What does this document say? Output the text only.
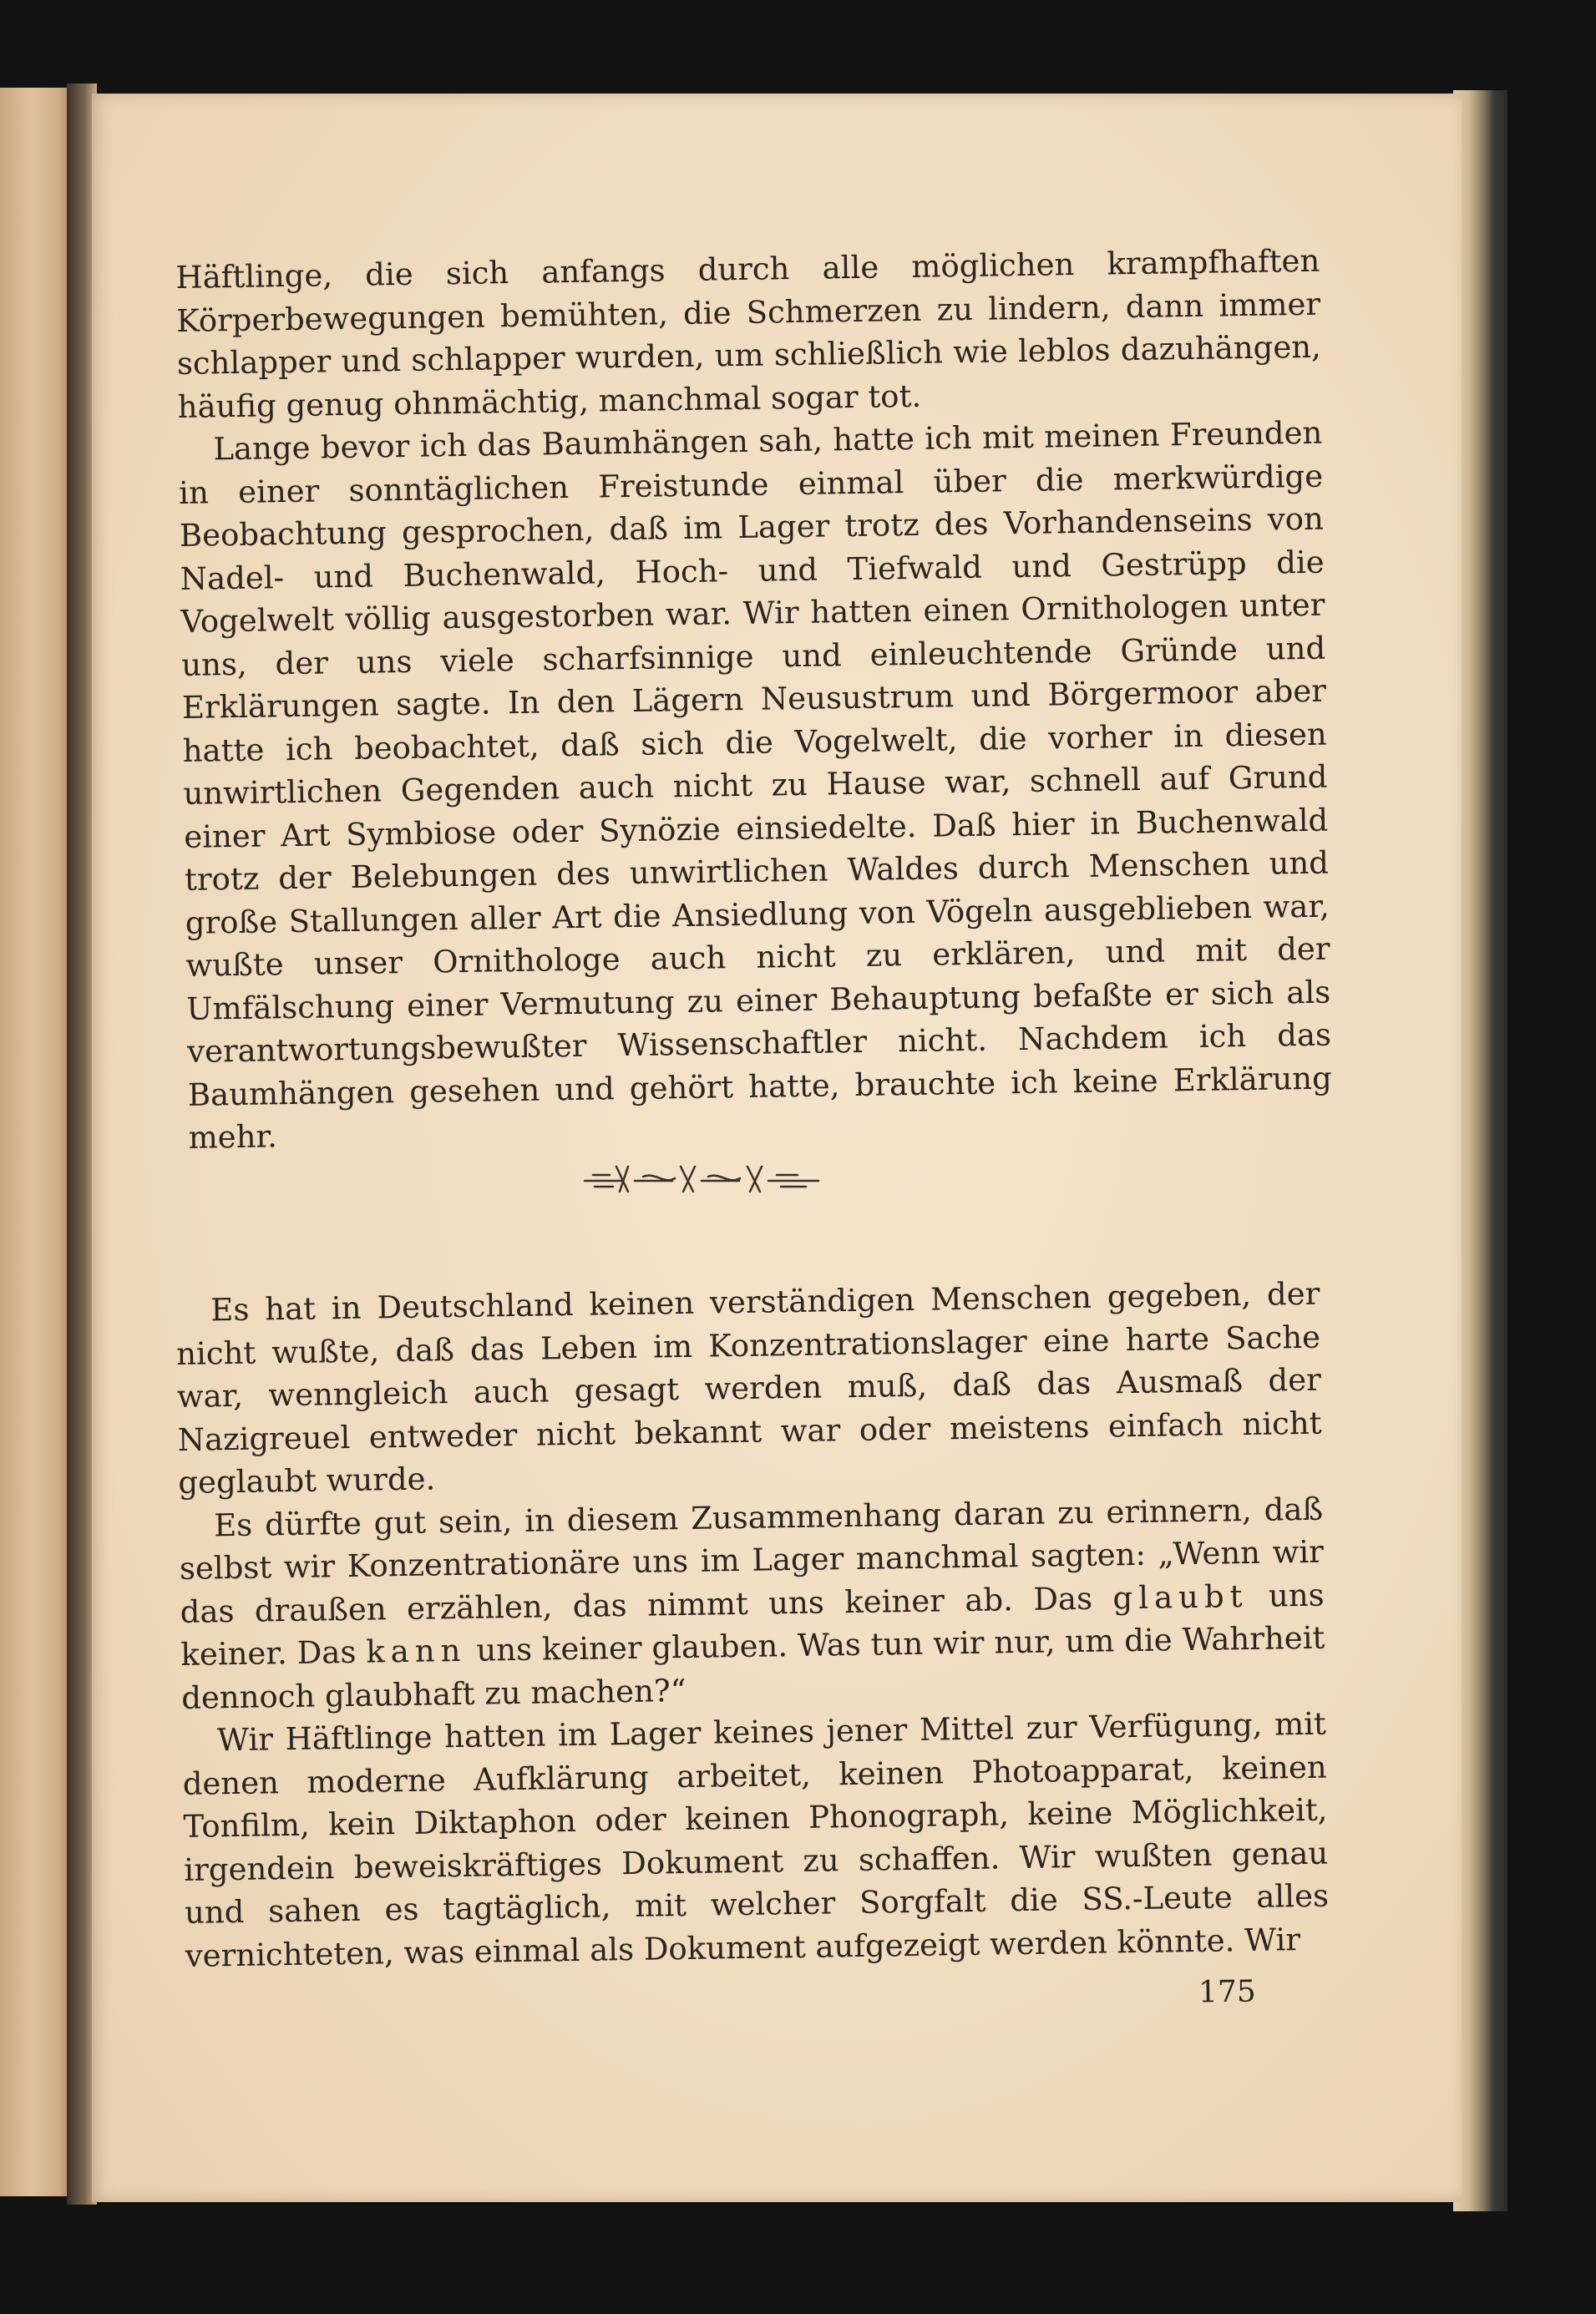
Häftlinge, die sich anfangs durch alle möglichen krampfhaften Körperbewegungen bemühten, die Schmerzen zu lindern, dann immer schlapper und schlapper wurden, um schließlich wie leblos dazuhängen, häufig genug ohnmächtig, manchmal sogar tot.

Lange bevor ich das Baumhängen sah, hatte ich mit meinen Freunden in einer sonntäglichen Freistunde einmal über die merkwürdige Beobachtung gesprochen, daß im Lager trotz des Vorhandenseins von Nadel- und Buchenwald, Hoch- und Tiefwald und Gestrüpp die Vogelwelt völlig ausgestorben war. Wir hatten einen Ornithologen unter uns, der uns viele scharfsinnige und einleuchtende Gründe und Erklärungen sagte. In den Lägern Neusustrum und Börgermoor aber hatte ich beobachtet, daß sich die Vogelwelt, die vorher in diesen unwirtlichen Gegenden auch nicht zu Hause war, schnell auf Grund einer Art Symbiose oder Synözie einsiedelte. Daß hier in Buchenwald trotz der Belebungen des unwirtlichen Waldes durch Menschen und große Stallungen aller Art die Ansiedlung von Vögeln ausgeblieben war, wußte unser Ornithologe auch nicht zu erklären, und mit der Umfälschung einer Vermutung zu einer Behauptung befaßte er sich als verantwortungsbewußter Wissenschaftler nicht. Nachdem ich das Baumhängen gesehen und gehört hatte, brauchte ich keine Erklärung mehr.

Es hat in Deutschland keinen verständigen Menschen gegeben, der nicht wußte, daß das Leben im Konzentrationslager eine harte Sache war, wenngleich auch gesagt werden muß, daß das Ausmaß der Nazigreuel entweder nicht bekannt war oder meistens einfach nicht geglaubt wurde.

Es dürfte gut sein, in diesem Zusammenhang daran zu erinnern, daß selbst wir Konzentrationäre uns im Lager manchmal sagten: „Wenn wir das draußen erzählen, das nimmt uns keiner ab. Das glaubt uns keiner. Das kann uns keiner glauben. Was tun wir nur, um die Wahrheit dennoch glaubhaft zu machen?“

Wir Häftlinge hatten im Lager keines jener Mittel zur Verfügung, mit denen moderne Aufklärung arbeitet, keinen Photoapparat, keinen Tonfilm, kein Diktaphon oder keinen Phonograph, keine Möglichkeit, irgendein beweiskräftiges Dokument zu schaffen. Wir wußten genau und sahen es tagtäglich, mit welcher Sorgfalt die SS.-Leute alles vernichteten, was einmal als Dokument aufgezeigt werden könnte. Wir

175
